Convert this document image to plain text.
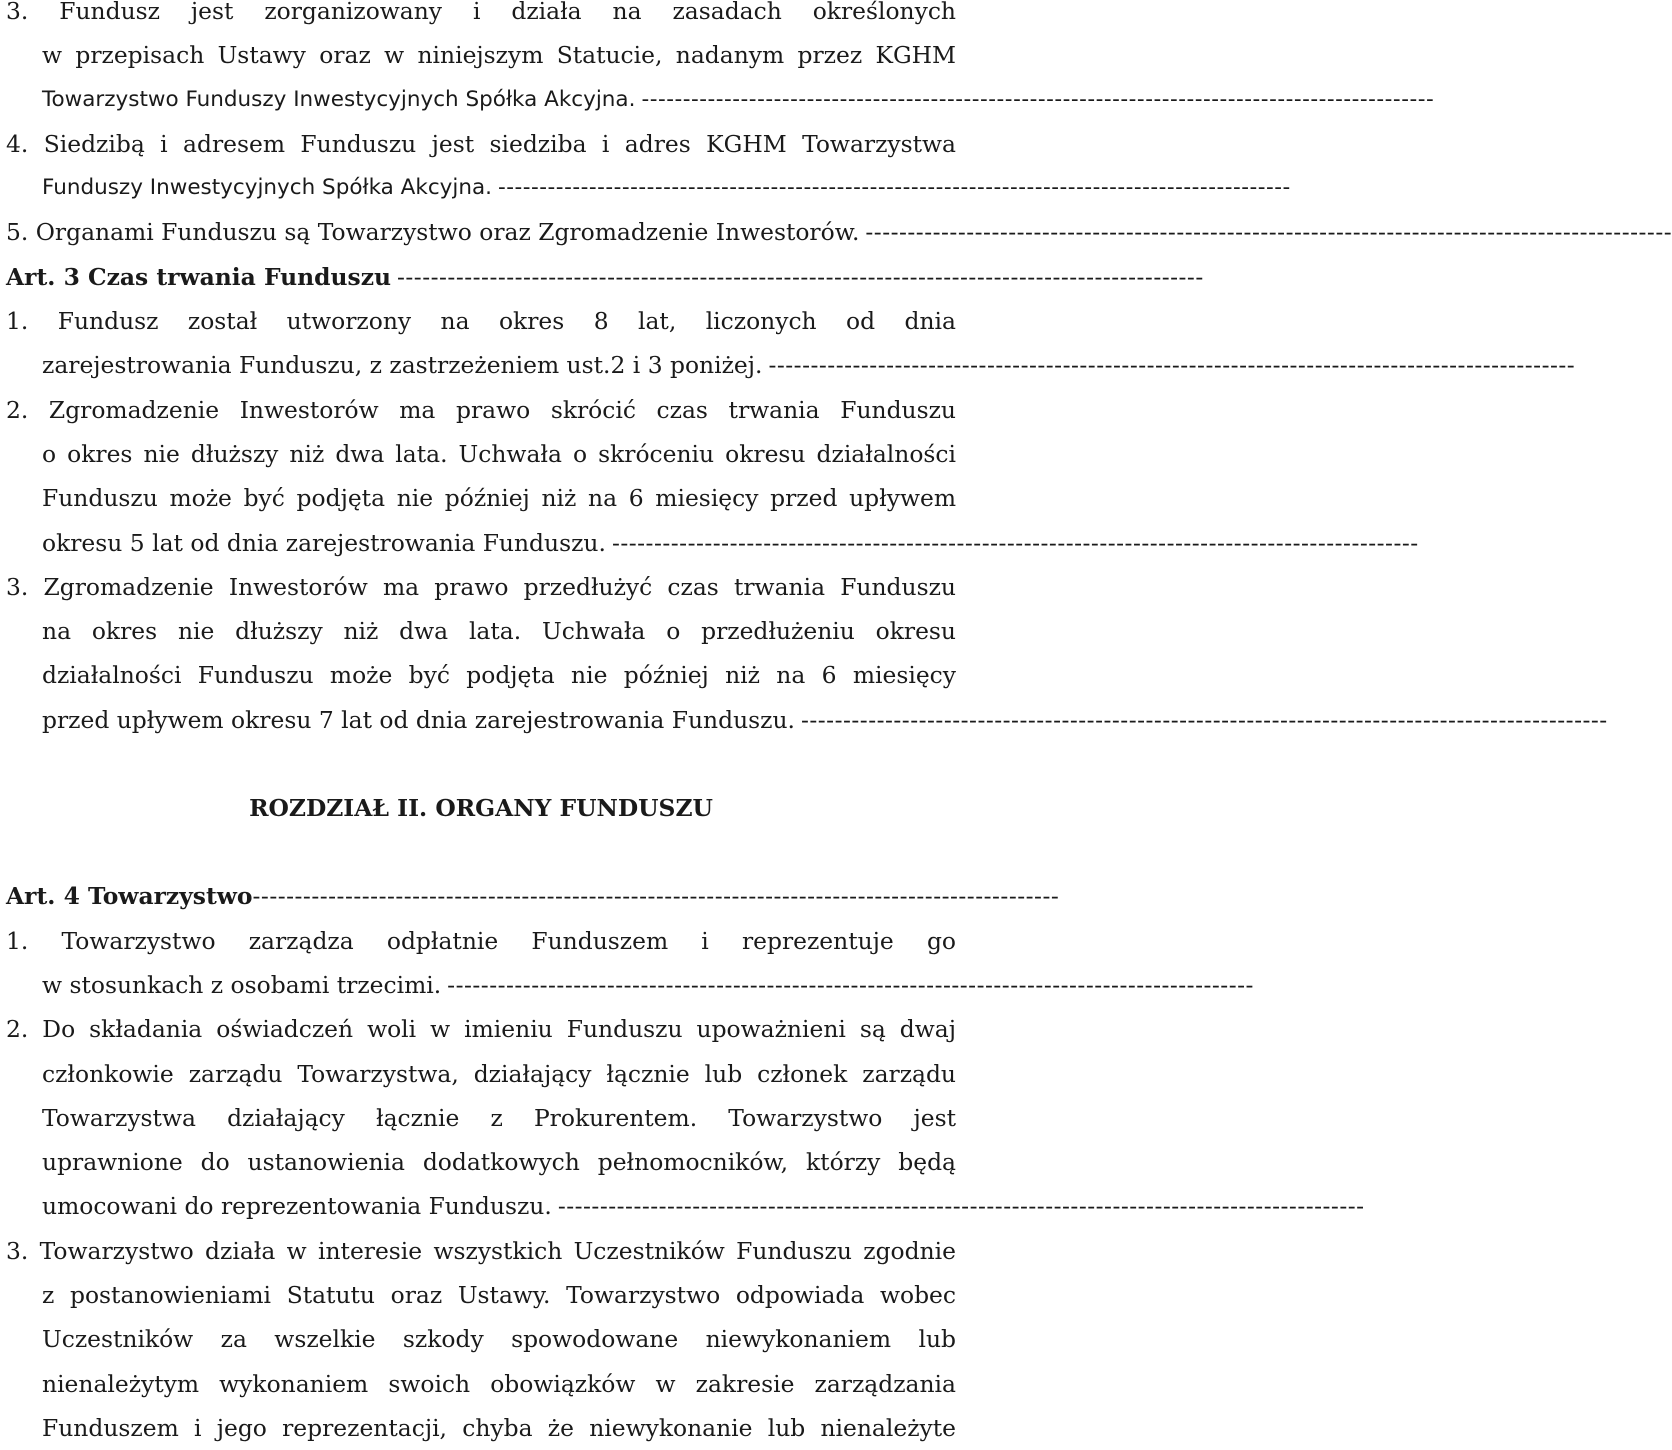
3. Fundusz jest zorganizowany i działa na zasadach określonych
w przepisach Ustawy oraz w niniejszym Statucie, nadanym przez KGHM
Towarzystwo Funduszy Inwestycyjnych Spółka Akcyjna. ------------------------------------------------------------------------------------------------
4. Siedzibą i adresem Funduszu jest siedziba i adres KGHM Towarzystwa
Funduszy Inwestycyjnych Spółka Akcyjna. ------------------------------------------------------------------------------------------------
5. Organami Funduszu są Towarzystwo oraz Zgromadzenie Inwestorów. ------------------------------------------------------------------------------------------------
Art. 3 Czas trwania Funduszu ------------------------------------------------------------------------------------------------
1. Fundusz został utworzony na okres 8 lat, liczonych od dnia
zarejestrowania Funduszu, z zastrzeżeniem ust.2 i 3 poniżej. ------------------------------------------------------------------------------------------------
2. Zgromadzenie Inwestorów ma prawo skrócić czas trwania Funduszu
o okres nie dłuższy niż dwa lata. Uchwała o skróceniu okresu działalności
Funduszu może być podjęta nie później niż na 6 miesięcy przed upływem
okresu 5 lat od dnia zarejestrowania Funduszu. ------------------------------------------------------------------------------------------------
3. Zgromadzenie Inwestorów ma prawo przedłużyć czas trwania Funduszu
na okres nie dłuższy niż dwa lata. Uchwała o przedłużeniu okresu
działalności Funduszu może być podjęta nie później niż na 6 miesięcy
przed upływem okresu 7 lat od dnia zarejestrowania Funduszu. ------------------------------------------------------------------------------------------------
ROZDZIAŁ II. ORGANY FUNDUSZU
Art. 4 Towarzystwo ------------------------------------------------------------------------------------------------
1. Towarzystwo zarządza odpłatnie Funduszem i reprezentuje go
w stosunkach z osobami trzecimi. ------------------------------------------------------------------------------------------------
2. Do składania oświadczeń woli w imieniu Funduszu upoważnieni są dwaj
członkowie zarządu Towarzystwa, działający łącznie lub członek zarządu
Towarzystwa działający łącznie z Prokurentem. Towarzystwo jest
uprawnione do ustanowienia dodatkowych pełnomocników, którzy będą
umocowani do reprezentowania Funduszu. ------------------------------------------------------------------------------------------------
3. Towarzystwo działa w interesie wszystkich Uczestników Funduszu zgodnie
z postanowieniami Statutu oraz Ustawy. Towarzystwo odpowiada wobec
Uczestników za wszelkie szkody spowodowane niewykonaniem lub
nienależytym wykonaniem swoich obowiązków w zakresie zarządzania
Funduszem i jego reprezentacji, chyba że niewykonanie lub nienależyte
